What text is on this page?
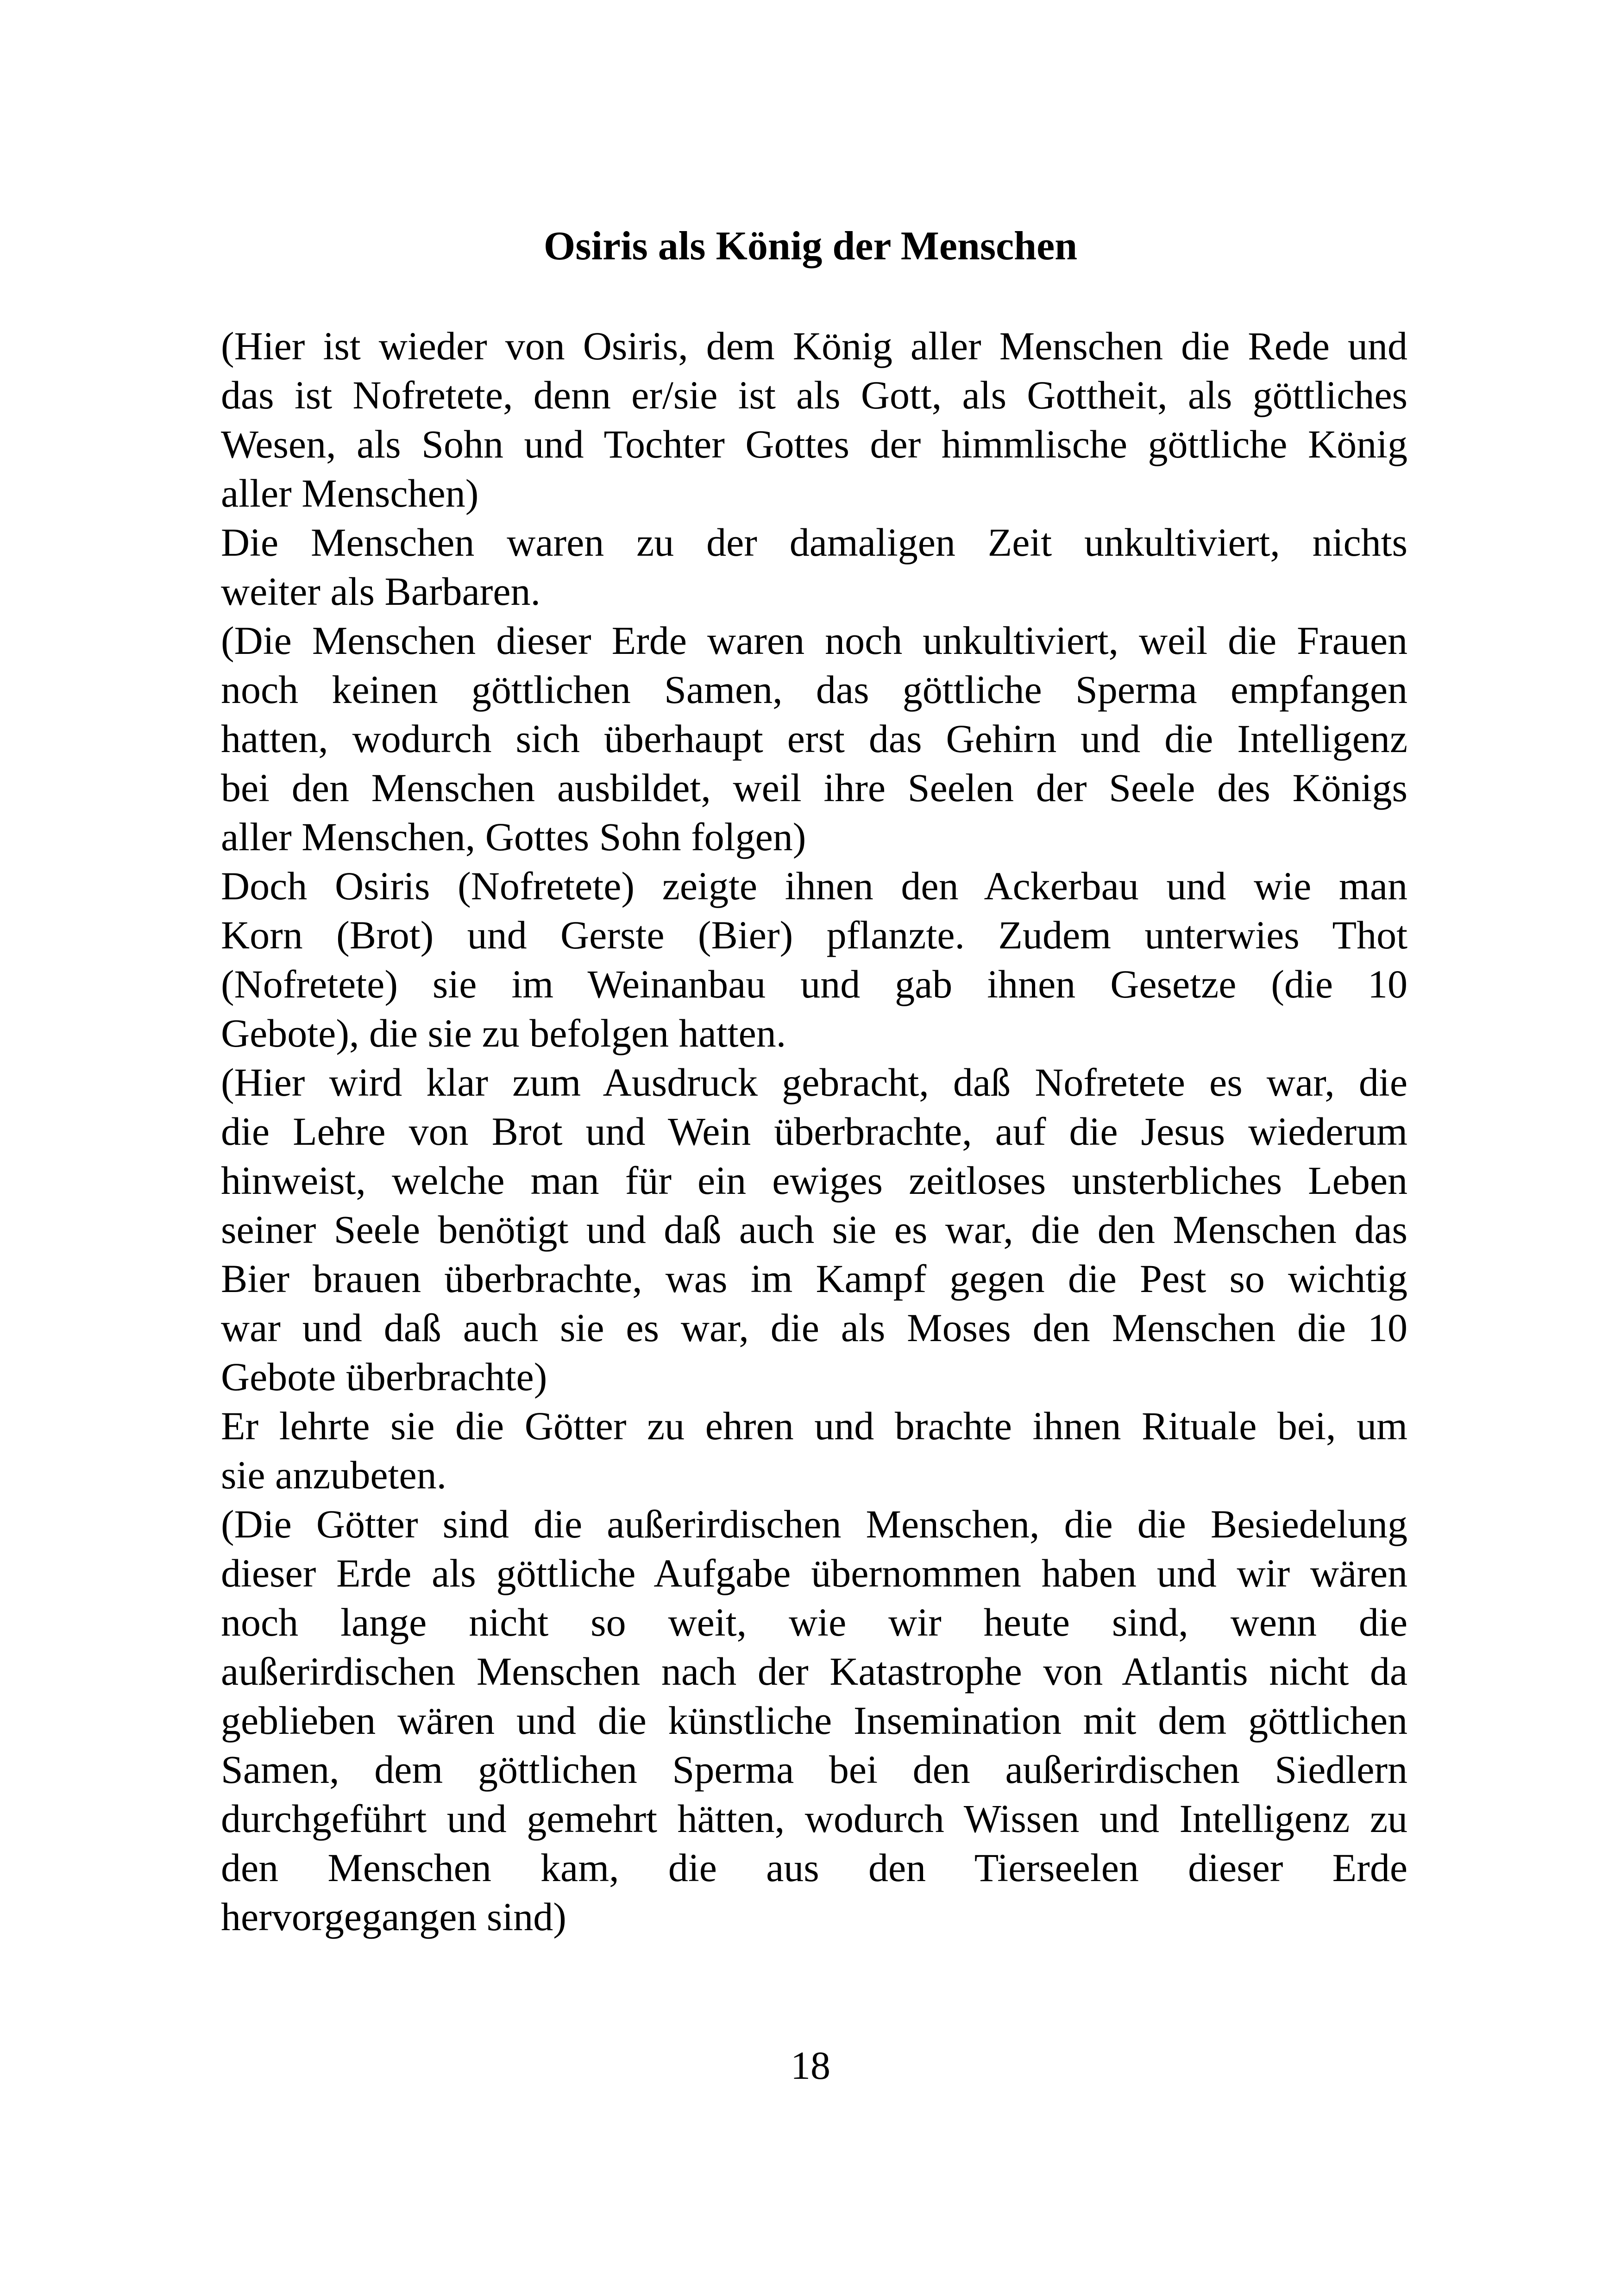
Osiris als König der Menschen
(Hier ist wieder von Osiris, dem König aller Menschen die Rede und
das ist Nofretete, denn er/sie ist als Gott, als Gottheit, als göttliches
Wesen, als Sohn und Tochter Gottes der himmlische göttliche König
aller Menschen)
Die Menschen waren zu der damaligen Zeit unkultiviert, nichts
weiter als Barbaren.
(Die Menschen dieser Erde waren noch unkultiviert, weil die Frauen
noch keinen göttlichen Samen, das göttliche Sperma empfangen
hatten, wodurch sich überhaupt erst das Gehirn und die Intelligenz
bei den Menschen ausbildet, weil ihre Seelen der Seele des Königs
aller Menschen, Gottes Sohn folgen)
Doch Osiris (Nofretete) zeigte ihnen den Ackerbau und wie man
Korn (Brot) und Gerste (Bier) pflanzte. Zudem unterwies Thot
(Nofretete) sie im Weinanbau und gab ihnen Gesetze (die 10
Gebote), die sie zu befolgen hatten.
(Hier wird klar zum Ausdruck gebracht, daß Nofretete es war, die
die Lehre von Brot und Wein überbrachte, auf die Jesus wiederum
hinweist, welche man für ein ewiges zeitloses unsterbliches Leben
seiner Seele benötigt und daß auch sie es war, die den Menschen das
Bier brauen überbrachte, was im Kampf gegen die Pest so wichtig
war und daß auch sie es war, die als Moses den Menschen die 10
Gebote überbrachte)
Er lehrte sie die Götter zu ehren und brachte ihnen Rituale bei, um
sie anzubeten.
(Die Götter sind die außerirdischen Menschen, die die Besiedelung
dieser Erde als göttliche Aufgabe übernommen haben und wir wären
noch lange nicht so weit, wie wir heute sind, wenn die
außerirdischen Menschen nach der Katastrophe von Atlantis nicht da
geblieben wären und die künstliche Insemination mit dem göttlichen
Samen, dem göttlichen Sperma bei den außerirdischen Siedlern
durchgeführt und gemehrt hätten, wodurch Wissen und Intelligenz zu
den Menschen kam, die aus den Tierseelen dieser Erde
hervorgegangen sind)
18
